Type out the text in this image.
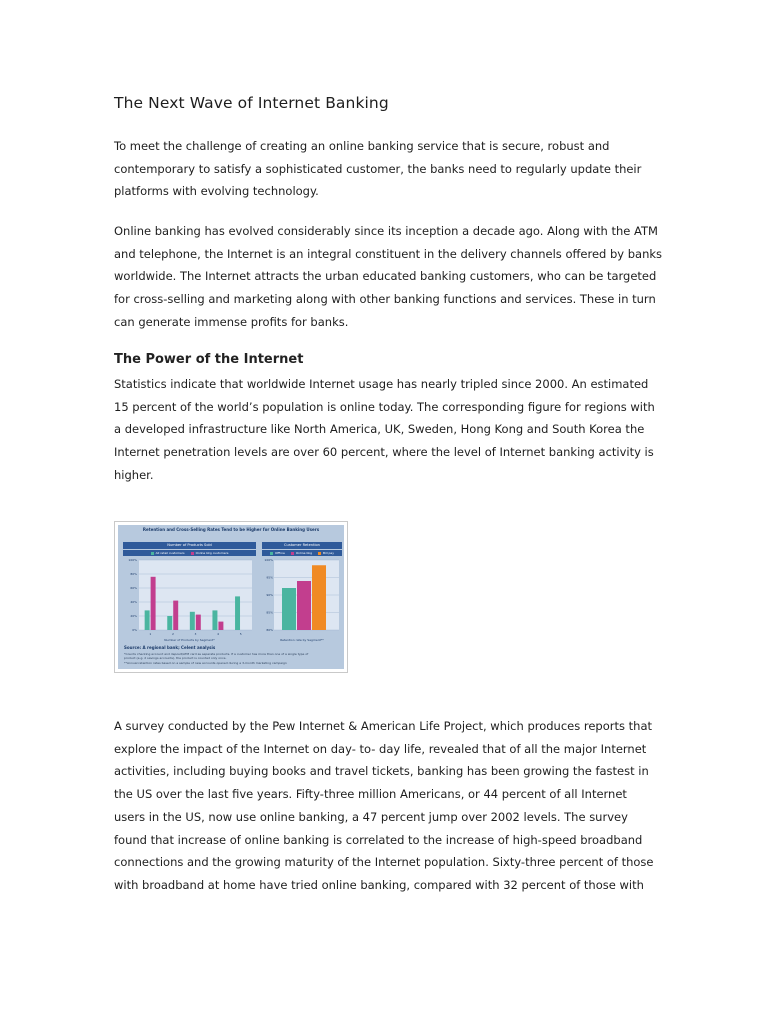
The Next Wave of Internet Banking

To meet the challenge of creating an online banking service that is secure, robust and
contemporary to satisfy a sophisticated customer, the banks need to regularly update their
platforms with evolving technology.

Online banking has evolved considerably since its inception a decade ago. Along with the ATM
and telephone, the Internet is an integral constituent in the delivery channels offered by banks
worldwide. The Internet attracts the urban educated banking customers, who can be targeted
for cross-selling and marketing along with other banking functions and services. These in turn
can generate immense profits for banks.

The Power of the Internet

Statistics indicate that worldwide Internet usage has nearly tripled since 2000. An estimated
15 percent of the world’s population is online today. The corresponding figure for regions with
a developed infrastructure like North America, UK, Sweden, Hong Kong and South Korea the
Internet penetration levels are over 60 percent, where the level of Internet banking activity is
higher.

A survey conducted by the Pew Internet & American Life Project, which produces reports that
explore the impact of the Internet on day- to- day life, revealed that of all the major Internet
activities, including buying books and travel tickets, banking has been growing the fastest in
the US over the last five years. Fifty-three million Americans, or 44 percent of all Internet
users in the US, now use online banking, a 47 percent jump over 2002 levels. The survey
found that increase of online banking is correlated to the increase of high-speed broadband
connections and the growing maturity of the Internet population. Sixty-three percent of those
with broadband at home have tried online banking, compared with 32 percent of those with

Retention and Cross-Selling Rates Tend to be Higher for Online Banking Users
Number of Products Sold
All retail customers	Online bkg customers
100%
80%
60%
40%
20%
0%
1	2	3	4	5
Number of Products by Segment*
Customer Retention
Offline	Online bkg	Bill pay
100%
95%
90%
85%
80%
Retention rate by Segment**
Source: A regional bank; Celent analysis
*Counts checking account and deposit/ATM card as separate products. If a customer has more than one of a single type of
product (e.g. 2 savings accounts), the product is counted only once.
**Annual retention rates based on a sample of new accounts opened during a 3-month marketing campaign
